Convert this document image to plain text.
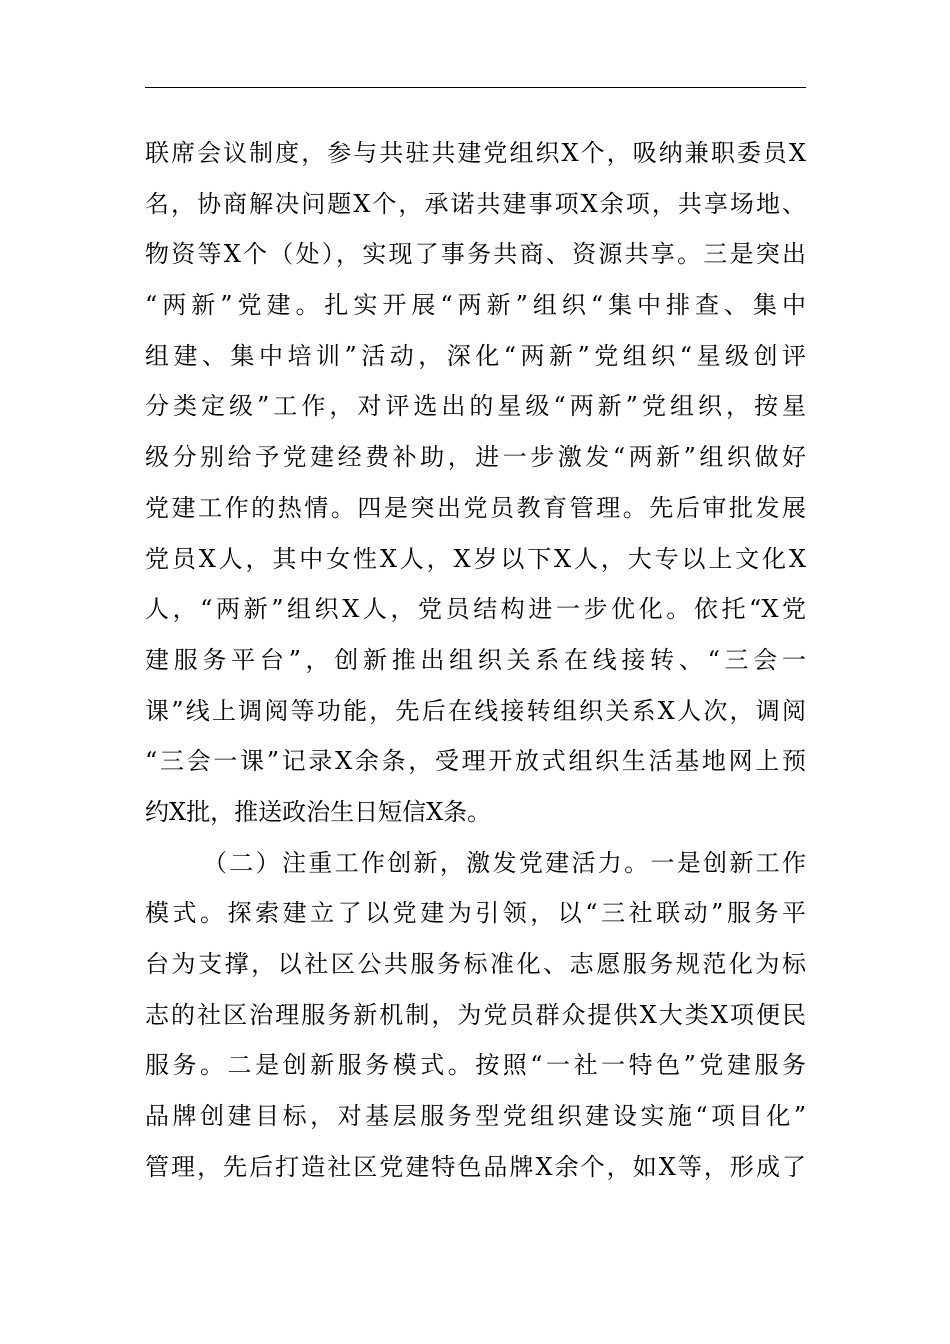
联席会议制度，参与共驻共建党组织X个，吸纳兼职委员X
名，协商解决问题X个，承诺共建事项X余项，共享场地、
物资等X个（处），实现了事务共商、资源共享。三是突出
“两新”党建。扎实开展“两新”组织“集中排查、集中
组建、集中培训”活动，深化“两新”党组织“星级创评
分类定级”工作，对评选出的星级“两新”党组织，按星
级分别给予党建经费补助，进一步激发“两新”组织做好
党建工作的热情。四是突出党员教育管理。先后审批发展
党员X人，其中女性X人，X岁以下X人，大专以上文化X
人，“两新”组织X人，党员结构进一步优化。依托“X党
建服务平台”，创新推出组织关系在线接转、“三会一
课”线上调阅等功能，先后在线接转组织关系X人次，调阅
“三会一课”记录X余条，受理开放式组织生活基地网上预
约X批，推送政治生日短信X条。
（二）注重工作创新，激发党建活力。一是创新工作
模式。探索建立了以党建为引领，以“三社联动”服务平
台为支撑，以社区公共服务标准化、志愿服务规范化为标
志的社区治理服务新机制，为党员群众提供X大类X项便民
服务。二是创新服务模式。按照“一社一特色”党建服务
品牌创建目标，对基层服务型党组织建设实施“项目化”
管理，先后打造社区党建特色品牌X余个，如X等，形成了
